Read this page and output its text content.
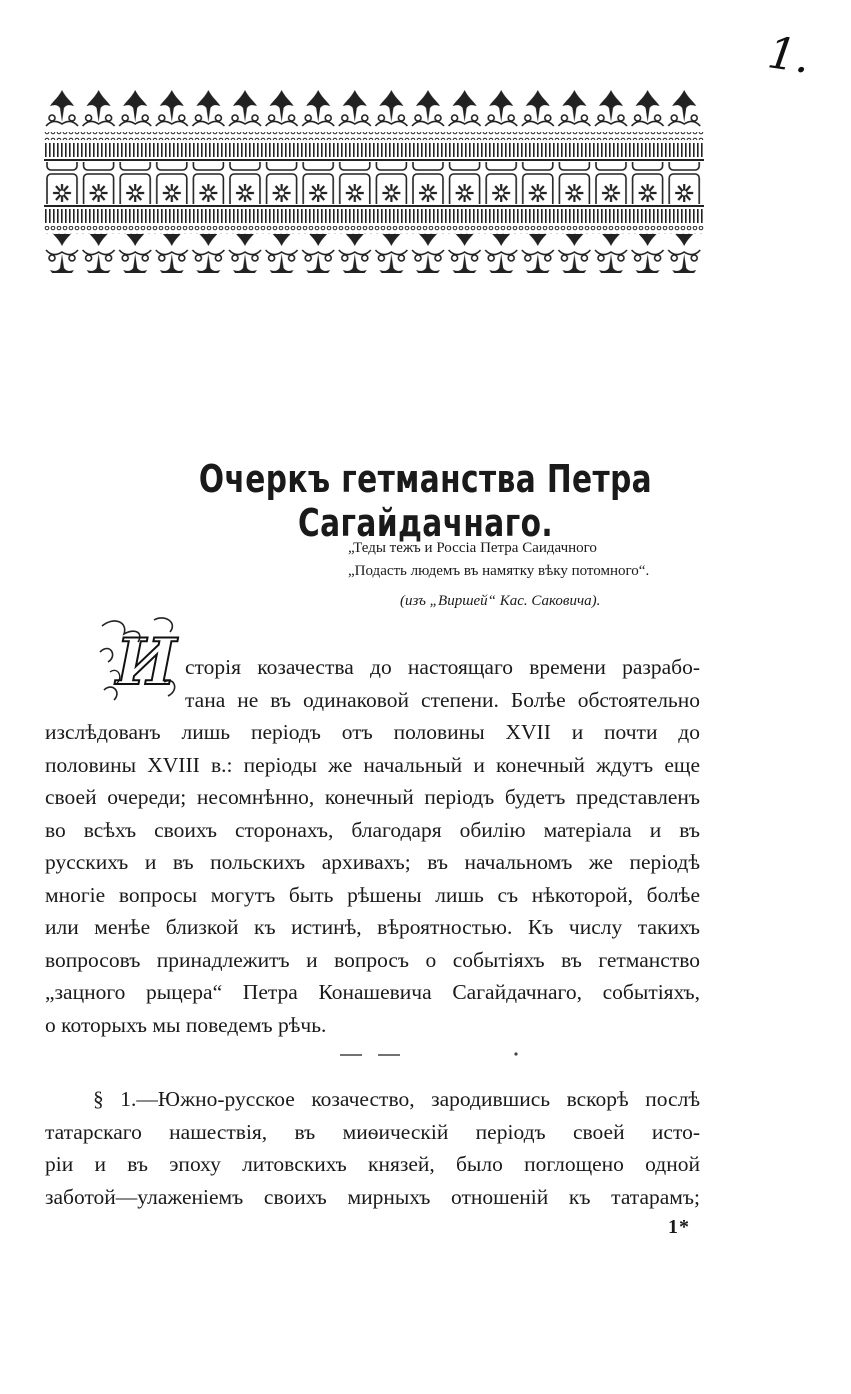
1.
Очеркъ гетманства Петра Сагайдачнаго.
„Теды тежъ и Россіа Петра Саидачного
„Подасть людемъ въ намятку вѣку потомного“.
(изъ „Виршей“ Кас. Саковича).
И сторія козачества до настоящаго времени разрабо-
тана не въ одинаковой степени. Болѣе обстоятельно
изслѣдованъ лишь періодъ отъ половины XVII и почти до
половины XVIII в.: періоды же начальный и конечный ждутъ еще
своей очереди; несомнѣнно, конечный періодъ будетъ представленъ
во всѣхъ своихъ сторонахъ, благодаря обилію матеріала и въ
русскихъ и въ польскихъ архивахъ; въ начальномъ же періодѣ
многіе вопросы могутъ быть рѣшены лишь съ нѣкоторой, болѣе
или менѣе близкой къ истинѣ, вѣроятностью. Къ числу такихъ
вопросовъ принадлежитъ и вопросъ о событіяхъ въ гетманство
„зацного рыцера“ Петра Конашевича Сагайдачнаго, событіяхъ,
о которыхъ мы поведемъ рѣчь.
§ 1.—Южно-русское козачество, зародившись вскорѣ послѣ
татарскаго нашествія, въ миѳическій періодъ своей исто-
ріи и въ эпоху литовскихъ князей, было поглощено одной
заботой—улаженіемъ своихъ мирныхъ отношеній къ татарамъ;
1*
